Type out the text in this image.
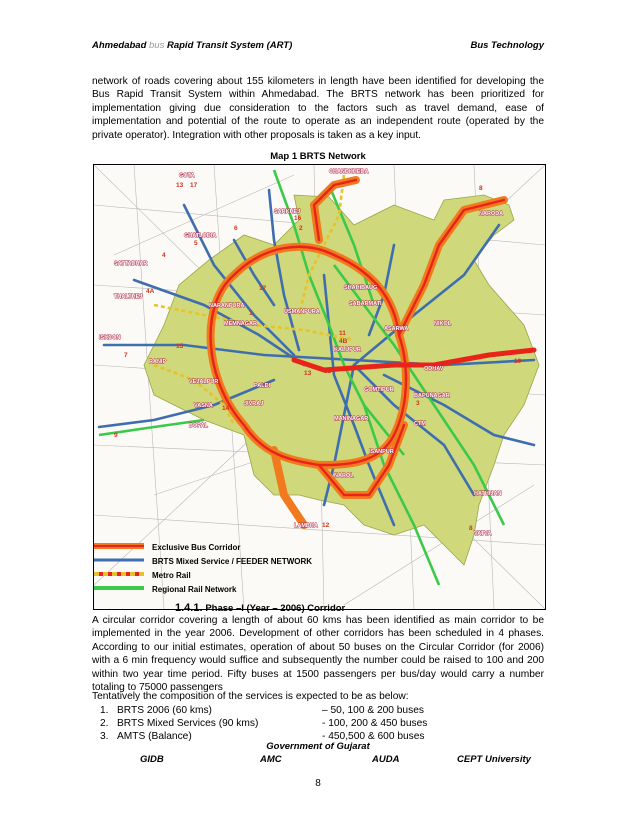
Ahmedabad bus Rapid Transit System (ART)	Bus Technology

network of roads covering about 155 kilometers in length have been identified for developing the Bus Rapid Transit System within Ahmedabad. The BRTS network has been prioritized for implementation giving due consideration to the factors such as travel demand, ease of implementation and potential of the route to operate as an independent route (operated by the private operator). Integration with other proposals is taken as a key input.

Map 1 BRTS Network
GOTA
SARKHEJ
GHATLODIA
SATTADHAR
THALTHEJ
ISKCON
RANIP
NARODA
SHAHIBAUG
NARANPURA
USMANPURA
KALUPUR
PALDI
VASNA
MANINAGAR
ODHAV
CTM
NAROL
LAMBHA
VATVA
NIKOL
BOPAL
VEJALPUR
MEMNAGAR
SABARMATI
ASARWA
HATHIJAN
BAPUNAGAR
JIVRAJ
GOMTIPUR
ISANPUR
CHANDKHEDA
13 17
16
5
4
2
6
4A	17
11
1
4B
15
13 12
14
10
8
7
9
3
12	8
Exclusive Bus Corridor
BRTS Mixed Service / FEEDER NETWORK
Metro Rail
Regional Rail Network
1.4.1. Phase –I (Year – 2006) Corridor

A circular corridor covering a length of about 60 kms has been identified as main corridor to be implemented in the year 2006. Development of other corridors has been scheduled in 4 phases. According to our initial estimates, operation of about 50 buses on the Circular Corridor (for 2006) with a 6 min frequency would suffice and subsequently the number could be raised to 100 and 200 within two year time period. Fifty buses at 1500 passengers per bus/day would carry a number totaling to 75000 passengers

Tentatively the composition of the services is expected to be as below:

1. BRTS 2006 (60 kms)	– 50, 100 & 200 buses
2. BRTS Mixed Services (90 kms)	- 100, 200 & 450 buses
3. AMTS (Balance)	- 450,500 & 600 buses
Government of Gujarat
GIDB	AMC	AUDA	CEPT University
8
